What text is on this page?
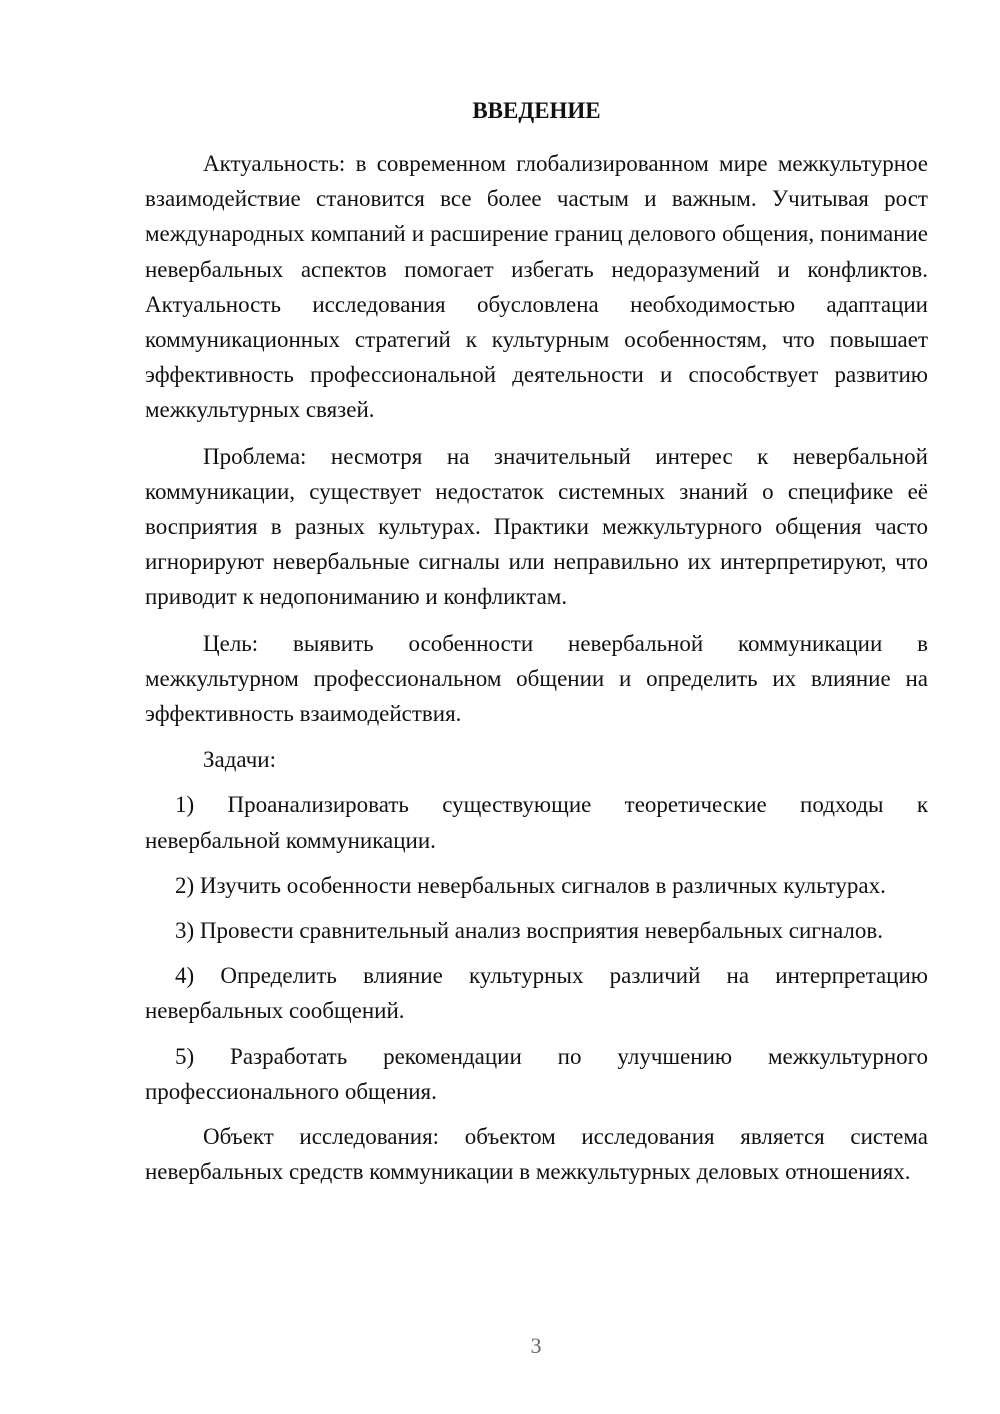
ВВЕДЕНИЕ

Актуальность: в современном глобализированном мире межкультурное взаимодействие становится все более частым и важным. Учитывая рост международных компаний и расширение границ делового общения, понимание невербальных аспектов помогает избегать недоразумений и конфликтов. Актуальность исследования обусловлена необходимостью адаптации коммуникационных стратегий к культурным особенностям, что повышает эффективность профессиональной деятельности и способствует развитию межкультурных связей.

Проблема: несмотря на значительный интерес к невербальной коммуникации, существует недостаток системных знаний о специфике её восприятия в разных культурах. Практики межкультурного общения часто игнорируют невербальные сигналы или неправильно их интерпретируют, что приводит к недопониманию и конфликтам.

Цель: выявить особенности невербальной коммуникации в межкультурном профессиональном общении и определить их влияние на эффективность взаимодействия.

Задачи:

1) Проанализировать существующие теоретические подходы к невербальной коммуникации.

2) Изучить особенности невербальных сигналов в различных культурах.

3) Провести сравнительный анализ восприятия невербальных сигналов.

4) Определить влияние культурных различий на интерпретацию невербальных сообщений.

5) Разработать рекомендации по улучшению межкультурного профессионального общения.

Объект исследования: объектом исследования является система невербальных средств коммуникации в межкультурных деловых отношениях.

3
